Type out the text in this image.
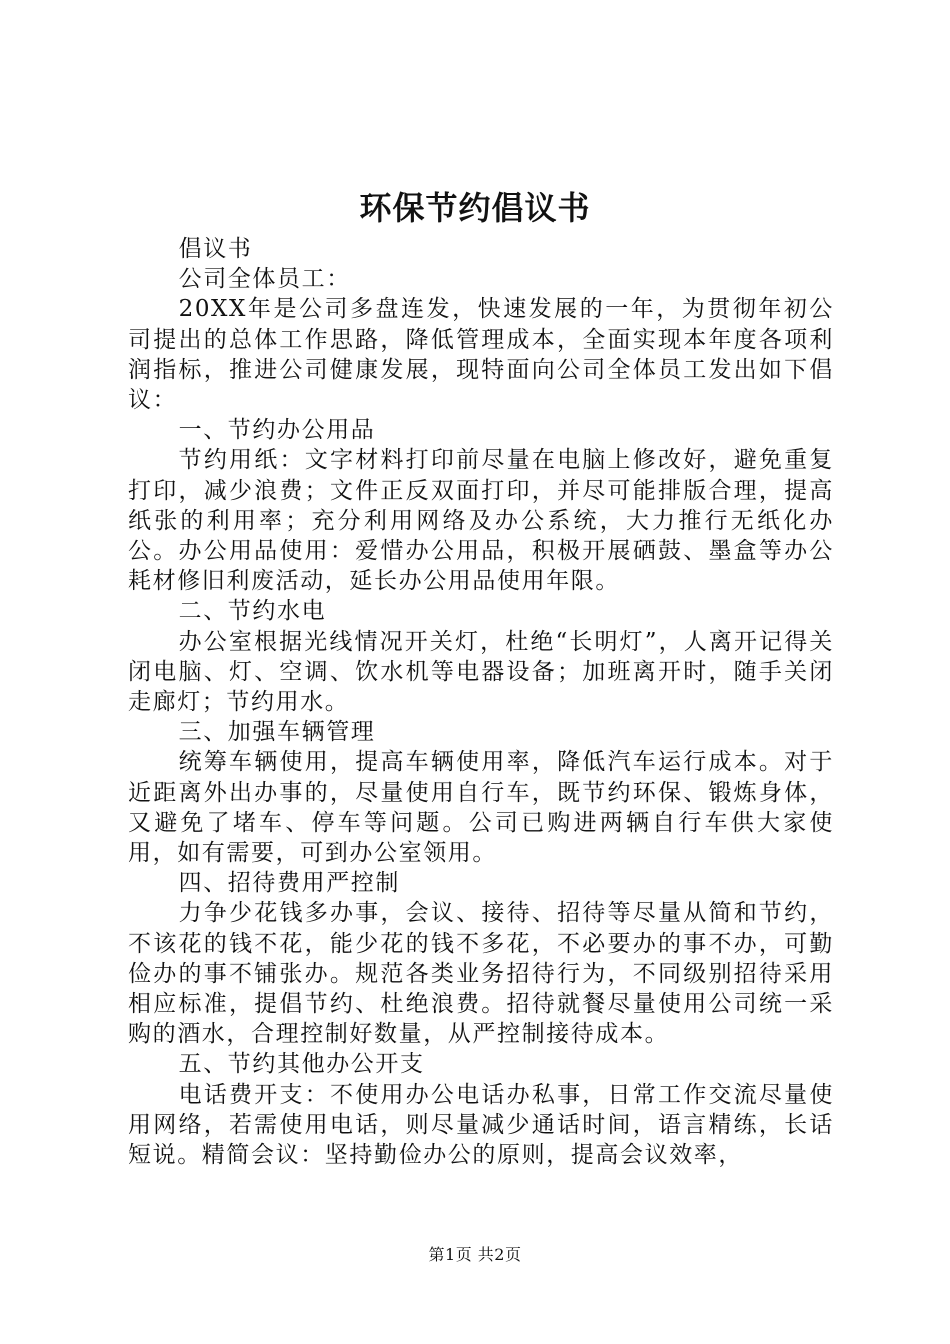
环保节约倡议书

倡议书

公司全体员工：

20XX年是公司多盘连发，快速发展的一年，为贯彻年初公司提出的总体工作思路，降低管理成本，全面实现本年度各项利润指标，推进公司健康发展，现特面向公司全体员工发出如下倡议：

一、节约办公用品

节约用纸：文字材料打印前尽量在电脑上修改好，避免重复打印，减少浪费；文件正反双面打印，并尽可能排版合理，提高纸张的利用率；充分利用网络及办公系统，大力推行无纸化办公。办公用品使用：爱惜办公用品，积极开展硒鼓、墨盒等办公耗材修旧利废活动，延长办公用品使用年限。

二、节约水电

办公室根据光线情况开关灯，杜绝“长明灯”，人离开记得关闭电脑、灯、空调、饮水机等电器设备；加班离开时，随手关闭走廊灯；节约用水。

三、加强车辆管理

统筹车辆使用，提高车辆使用率，降低汽车运行成本。对于近距离外出办事的，尽量使用自行车，既节约环保、锻炼身体，又避免了堵车、停车等问题。公司已购进两辆自行车供大家使用，如有需要，可到办公室领用。

四、招待费用严控制

力争少花钱多办事，会议、接待、招待等尽量从简和节约，不该花的钱不花，能少花的钱不多花，不必要办的事不办，可勤俭办的事不铺张办。规范各类业务招待行为，不同级别招待采用相应标准，提倡节约、杜绝浪费。招待就餐尽量使用公司统一采购的酒水，合理控制好数量，从严控制接待成本。

五、节约其他办公开支

电话费开支：不使用办公电话办私事，日常工作交流尽量使用网络，若需使用电话，则尽量减少通话时间，语言精练，长话短说。精简会议：坚持勤俭办公的原则，提高会议效率，

第1页 共2页
